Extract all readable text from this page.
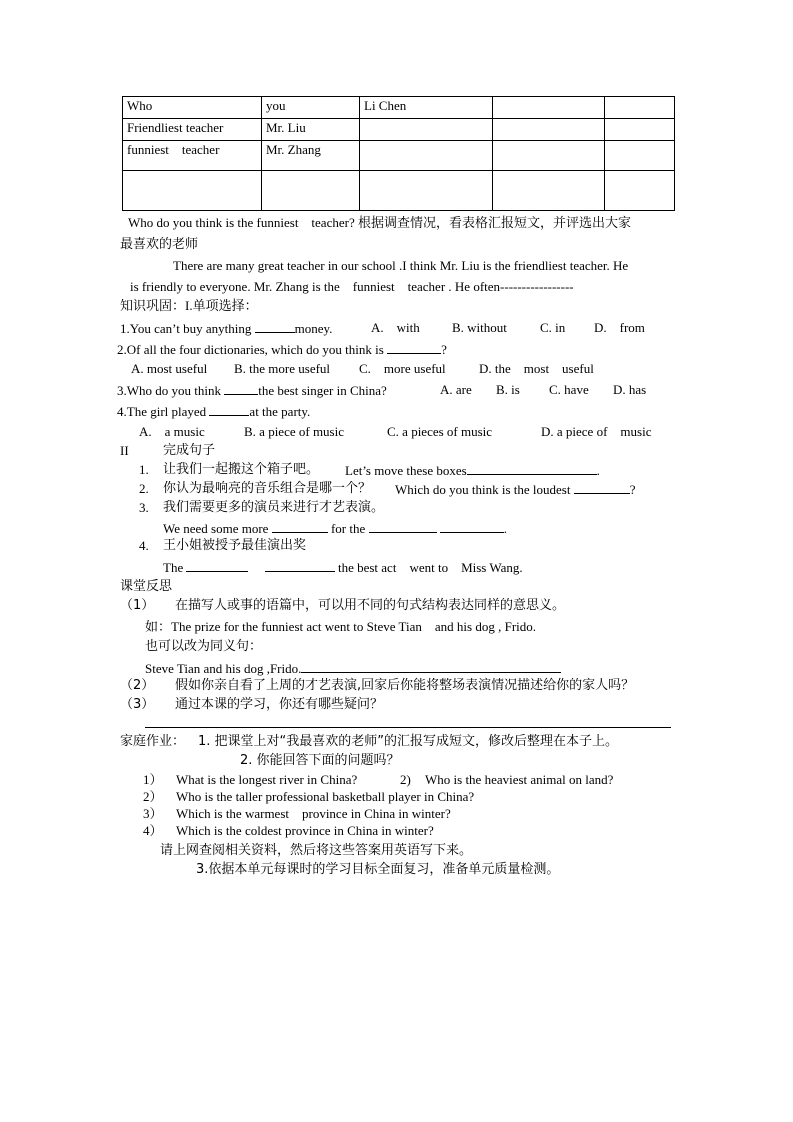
Who	you	Li Chen		
Friendliest teacher	Mr. Liu			
funniest    teacher	Mr. Zhang			

Who do you think is the funniest    teacher? 根据调查情况，看表格汇报短文，并评选出大家
最喜欢的老师
There are many great teacher in our school .I think Mr. Liu is the friendliest teacher. He
is friendly to everyone. Mr. Zhang is the    funniest    teacher . He often-----------------
知识巩固：I.单项选择：
1.You can’t buy anything	money.	A.    with B. without	C. in D.    from
2.Of all the four dictionaries, which do you think is	?
A. most useful B. the more useful C.    more useful	D. the    most    useful
3.Who do you think	the best singer in China?	A. are B. is C. have D. has
4.The girl played	at the party.
A.    a music	B. a piece of music	C. a pieces of music	D. a piece of    music
II	完成句子
1. 让我们一起搬这个箱子吧。 Let’s move these boxes	.
2. 你认为最响亮的音乐组合是哪一个？ Which do you think is the loudest	?
3. 我们需要更多的演员来进行才艺表演。
We need some more	for the	.
4. 王小姐被授予最佳演出奖
The	the best act    went to    Miss Wang.
课堂反思
（1） 在描写人或事的语篇中，可以用不同的句式结构表达同样的意思义。
如：The prize for the funniest act went to Steve Tian    and his dog , Frido.
也可以改为同义句：
Steve Tian and his dog ,Frido.
（2） 假如你亲自看了上周的才艺表演,回家后你能将整场表演情况描述给你的家人吗？
（3） 通过本课的学习，你还有哪些疑问？
家庭作业： 1. 把课堂上对“我最喜欢的老师”的汇报写成短文，修改后整理在本子上。
2. 你能回答下面的问题吗？
1） What is the longest river in China?	2) Who is the heaviest animal on land?
2） Who is the taller professional basketball player in China?
3） Which is the warmest    province in China in winter?
4） Which is the coldest province in China in winter?
请上网查阅相关资料，然后将这些答案用英语写下来。
3.依据本单元每课时的学习目标全面复习，准备单元质量检测。
